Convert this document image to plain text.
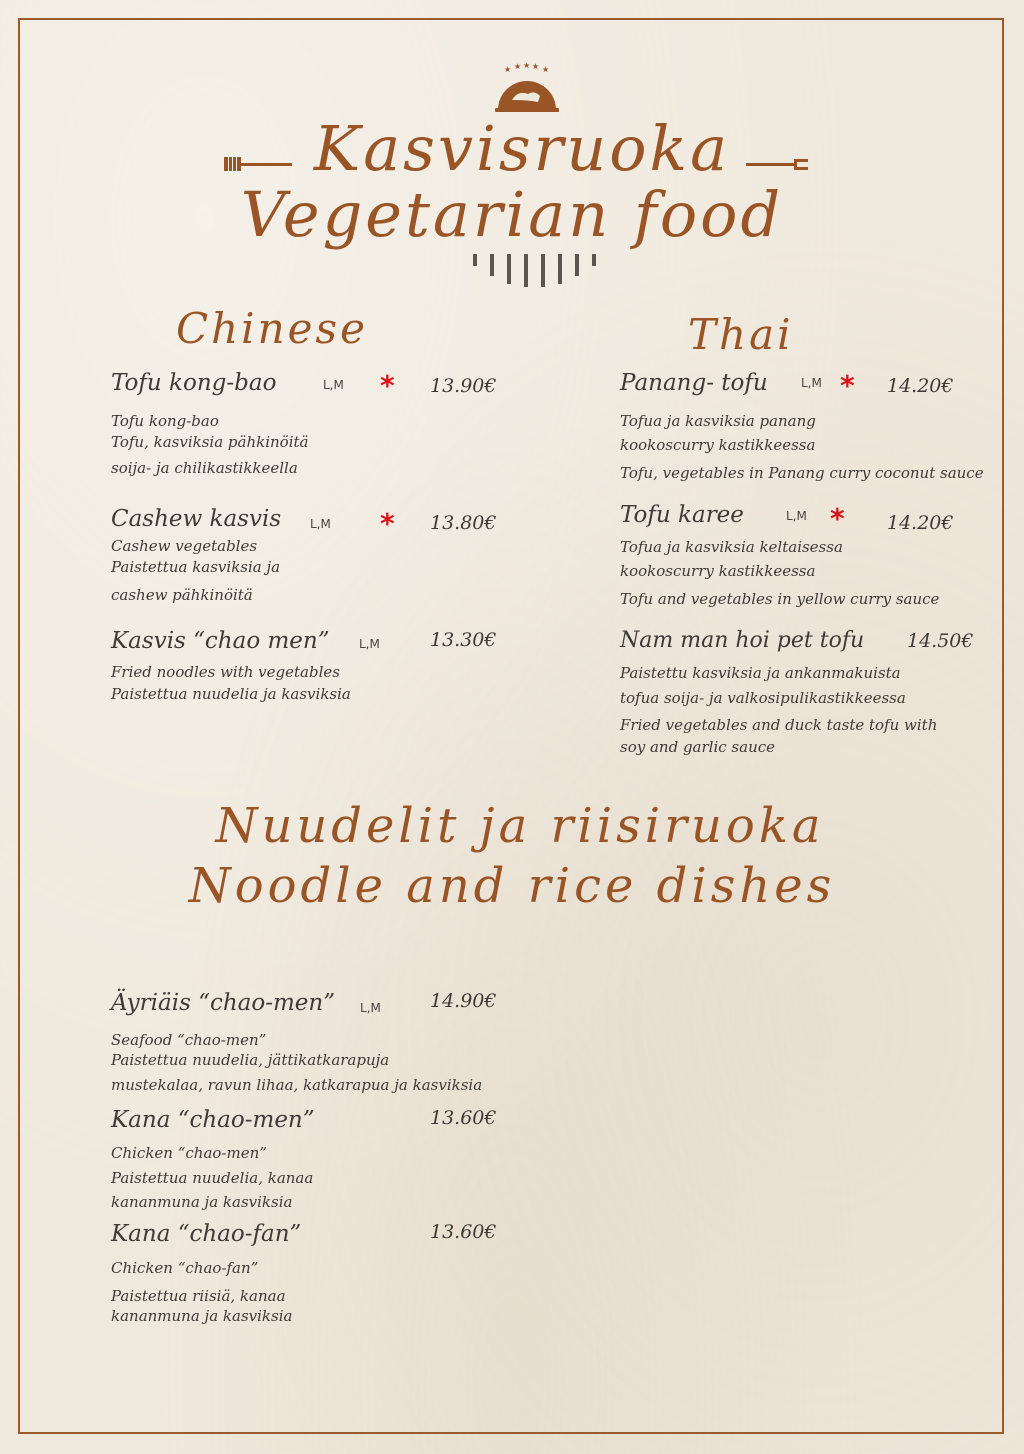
★ ★ ★ ★ ★
Kasvisruoka
Vegetarian food
Chinese
Tofu kong-bao	L,M * 13.90€
Tofu kong-bao
Tofu, kasviksia pähkinöitä
soija- ja chilikastikkeella
Cashew kasvis L,M * 13.80€
Cashew vegetables
Paistettua kasviksia ja
cashew pähkinöitä
Kasvis “chao men” L,M	13.30€
Fried noodles with vegetables
Paistettua nuudelia ja kasviksia
Thai
Panang- tofu	L,M * 14.20€
Tofua ja kasviksia panang
kookoscurry kastikkeessa
Tofu, vegetables in Panang curry coconut sauce
Tofu karee	L,M * 14.20€
Tofua ja kasviksia keltaisessa
kookoscurry kastikkeessa
Tofu and vegetables in yellow curry sauce
Nam man hoi pet tofu 14.50€
Paistettu kasviksia ja ankanmakuista
tofua soija- ja valkosipulikastikkeessa
Fried vegetables and duck taste tofu with
soy and garlic sauce
Nuudelit ja riisiruoka
Noodle and rice dishes
Äyriäis “chao-men” L,M	14.90€
Seafood “chao-men”
Paistettua nuudelia, jättikatkarapuja
mustekalaa, ravun lihaa, katkarapua ja kasviksia
Kana “chao-men”	13.60€
Chicken “chao-men”
Paistettua nuudelia, kanaa
kananmuna ja kasviksia
Kana “chao-fan”	13.60€
Chicken “chao-fan”
Paistettua riisiä, kanaa
kananmuna ja kasviksia
